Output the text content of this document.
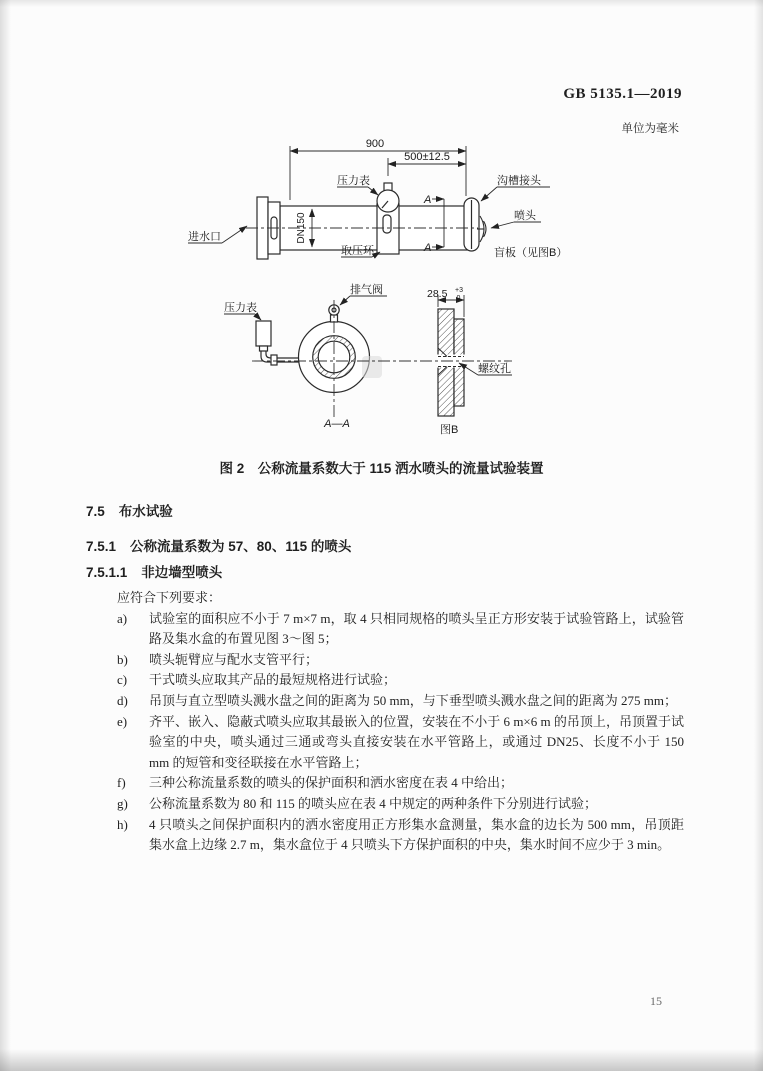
GB 5135.1—2019
单位为毫米
900
500±12.5
压力表
进水口	DN150
取压环
沟槽接头
喷头
盲板（见图B）
A
A
排气阀
压力表
A—A
28.5 +3
0
螺纹孔
图B
图 2　公称流量系数大于 115 洒水喷头的流量试验装置
7.5 布水试验
7.5.1 公称流量系数为 57、80、115 的喷头
7.5.1.1 非边墙型喷头

应符合下列要求：

a)	试验室的面积应不小于 7 m×7 m，取 4 只相同规格的喷头呈正方形安装于试验管路上，试验管路及集水盒的布置见图 3～图 5；
b)	喷头轭臂应与配水支管平行；
c)	干式喷头应取其产品的最短规格进行试验；
d)	吊顶与直立型喷头溅水盘之间的距离为 50 mm，与下垂型喷头溅水盘之间的距离为 275 mm；
e)	齐平、嵌入、隐蔽式喷头应取其最嵌入的位置，安装在不小于 6 m×6 m 的吊顶上，吊顶置于试验室的中央，喷头通过三通或弯头直接安装在水平管路上，或通过 DN25、长度不小于 150 mm 的短管和变径联接在水平管路上；
f)	三种公称流量系数的喷头的保护面积和洒水密度在表 4 中给出；
g)	公称流量系数为 80 和 115 的喷头应在表 4 中规定的两种条件下分别进行试验；
h)	4 只喷头之间保护面积内的洒水密度用正方形集水盒测量，集水盒的边长为 500 mm，吊顶距集水盒上边缘 2.7 m，集水盒位于 4 只喷头下方保护面积的中央，集水时间不应少于 3 min。
15
